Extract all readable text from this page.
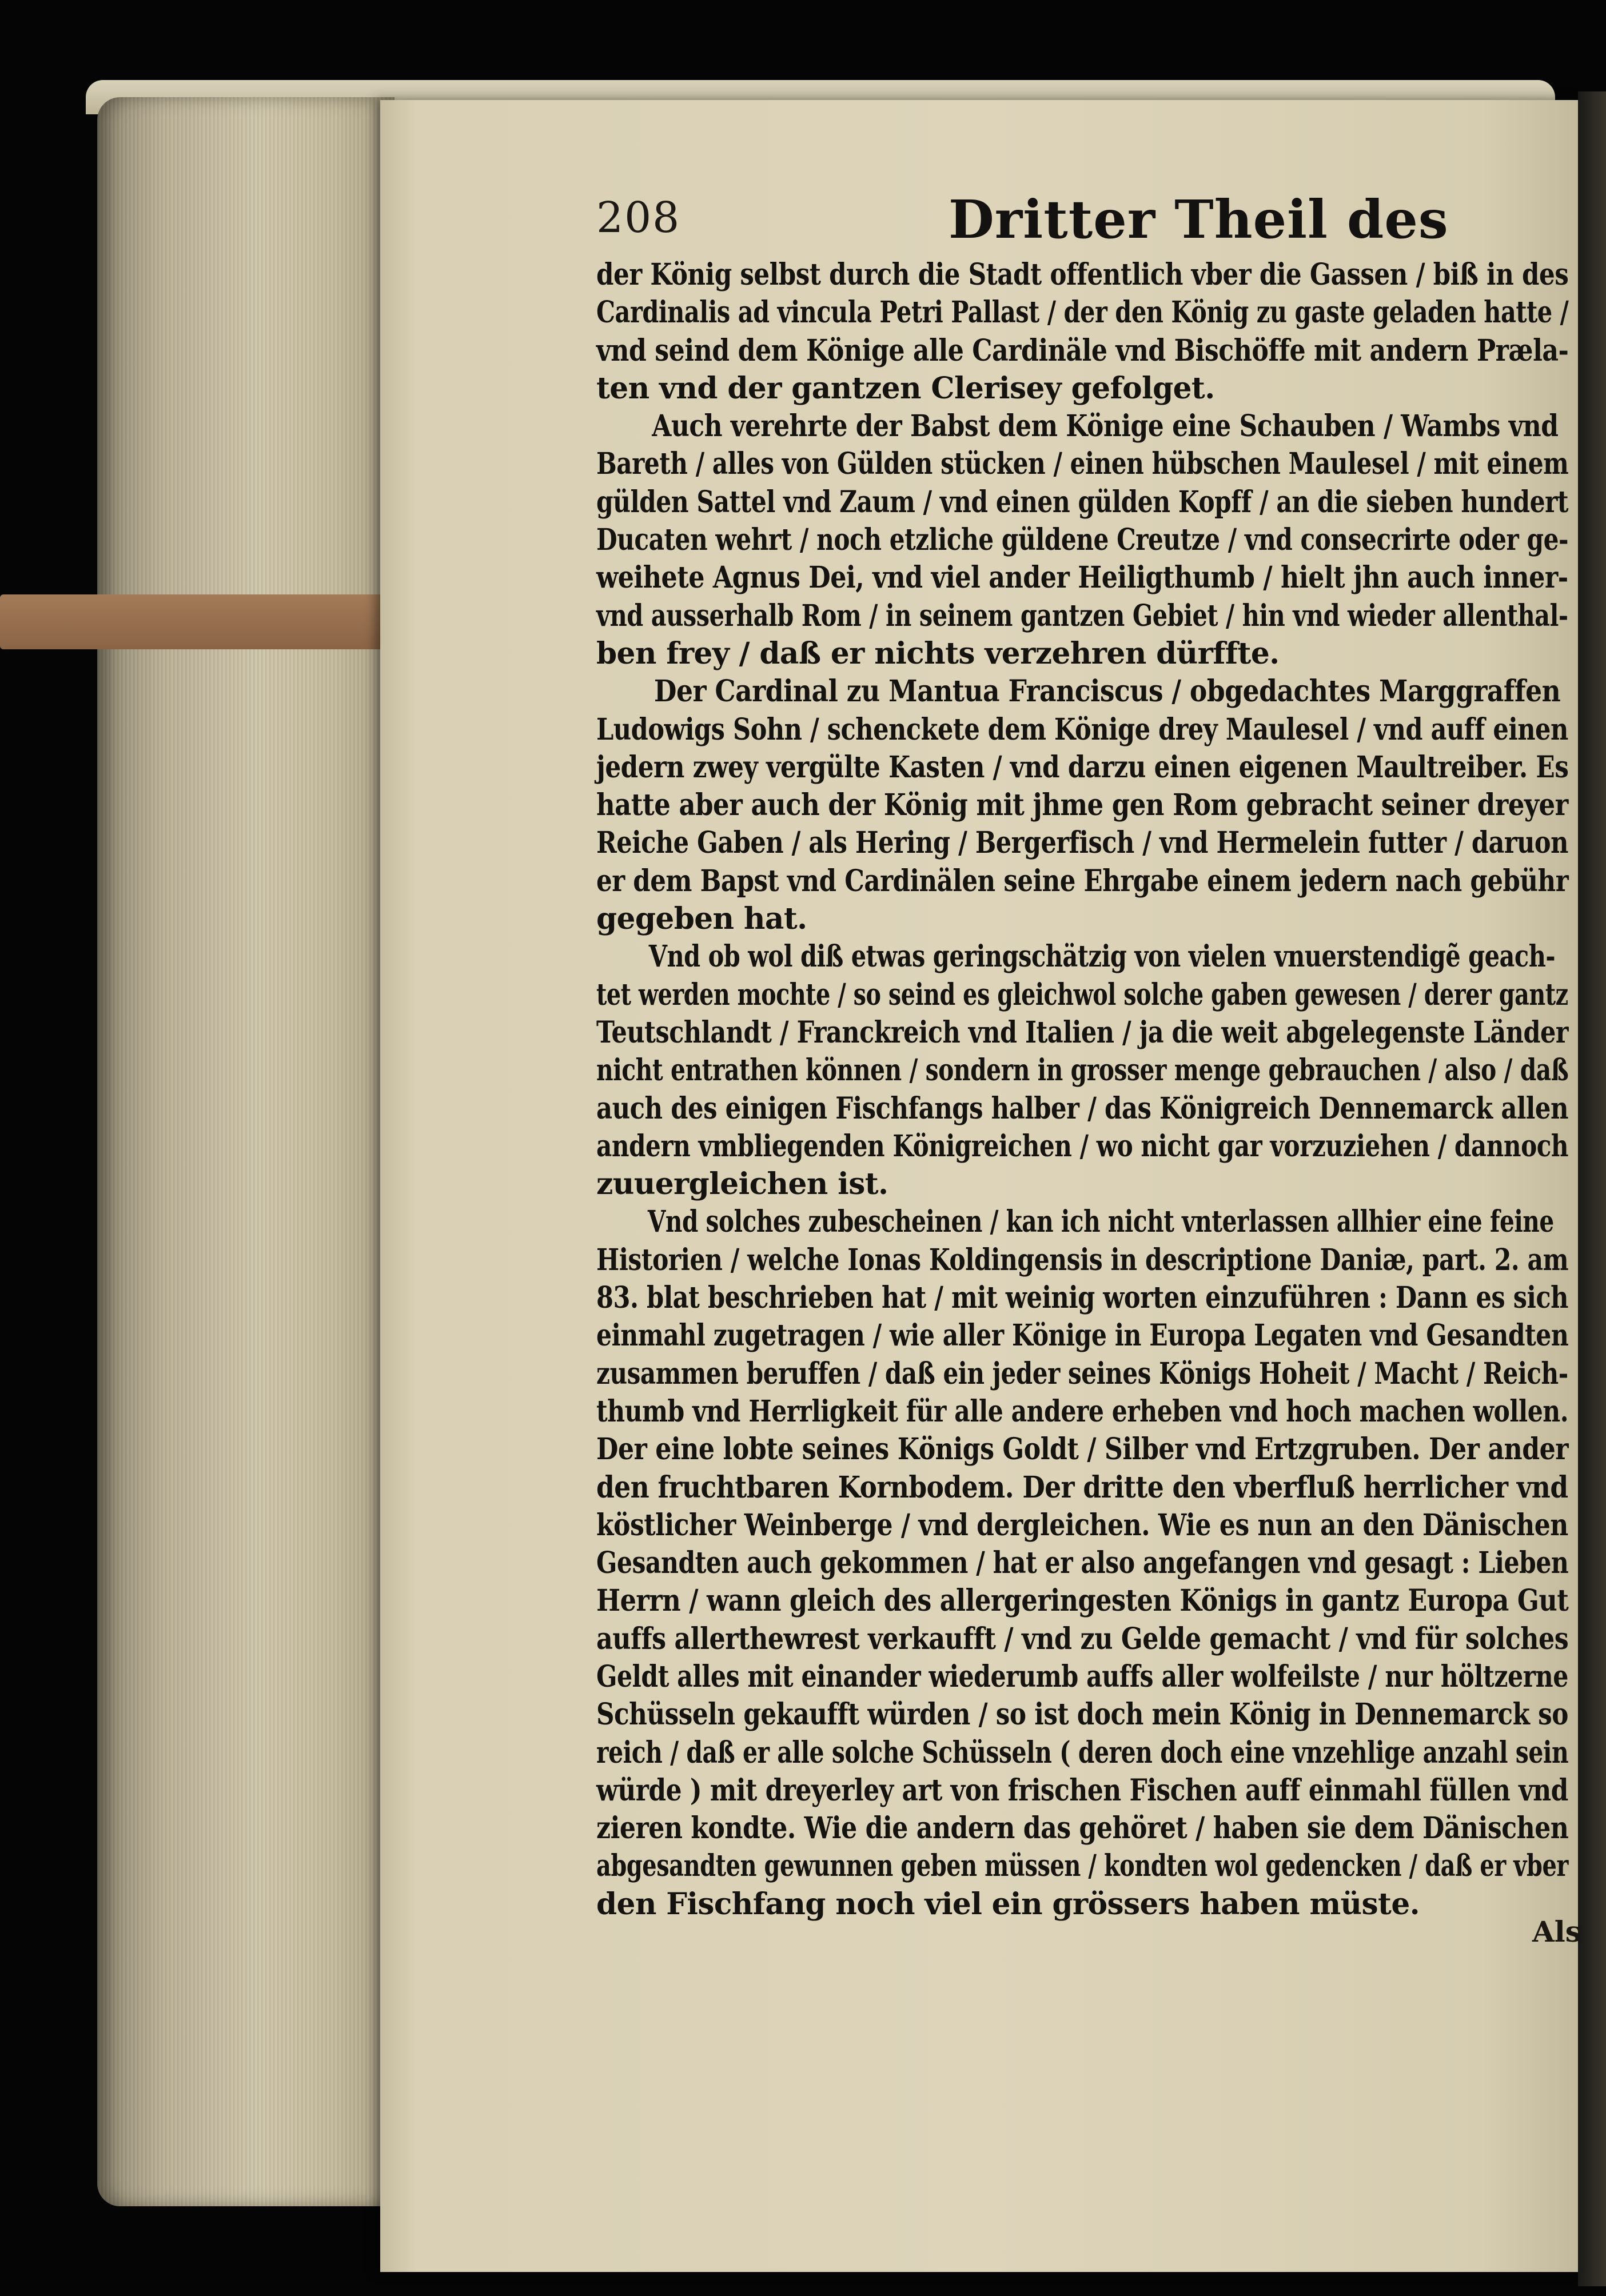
208	Dritter Theil des
der König selbst durch die Stadt offentlich vber die Gassen / biß in des
Cardinalis ad vincula Petri Pallast / der den König zu gaste geladen hatte /
vnd seind dem Könige alle Cardinäle vnd Bischöffe mit andern Præla-
ten vnd der gantzen Clerisey gefolget.
Auch verehrte der Babst dem Könige eine Schauben / Wambs vnd
Bareth / alles von Gülden stücken / einen hübschen Maulesel / mit einem
gülden Sattel vnd Zaum / vnd einen gülden Kopff / an die sieben hundert
Ducaten wehrt / noch etzliche güldene Creutze / vnd consecrirte oder ge-
weihete Agnus Dei, vnd viel ander Heiligthumb / hielt jhn auch inner-
vnd ausserhalb Rom / in seinem gantzen Gebiet / hin vnd wieder allenthal-
ben frey / daß er nichts verzehren dürffte.
Der Cardinal zu Mantua Franciscus / obgedachtes Marggraffen
Ludowigs Sohn / schenckete dem Könige drey Maulesel / vnd auff einen
jedern zwey vergülte Kasten / vnd darzu einen eigenen Maultreiber. Es
hatte aber auch der König mit jhme gen Rom gebracht seiner dreyer
Reiche Gaben / als Hering / Bergerfisch / vnd Hermelein futter / daruon
er dem Bapst vnd Cardinälen seine Ehrgabe einem jedern nach gebühr
gegeben hat.
Vnd ob wol diß etwas geringschätzig von vielen vnuerstendigẽ geach-
tet werden mochte / so seind es gleichwol solche gaben gewesen / derer gantz
Teutschlandt / Franckreich vnd Italien / ja die weit abgelegenste Länder
nicht entrathen können / sondern in grosser menge gebrauchen / also / daß
auch des einigen Fischfangs halber / das Königreich Dennemarck allen
andern vmbliegenden Königreichen / wo nicht gar vorzuziehen / dannoch
zuuergleichen ist.
Vnd solches zubescheinen / kan ich nicht vnterlassen allhier eine feine
Historien / welche Ionas Koldingensis in descriptione Daniæ, part. 2. am
83. blat beschrieben hat / mit weinig worten einzuführen : Dann es sich
einmahl zugetragen / wie aller Könige in Europa Legaten vnd Gesandten
zusammen beruffen / daß ein jeder seines Königs Hoheit / Macht / Reich-
thumb vnd Herrligkeit für alle andere erheben vnd hoch machen wollen.
Der eine lobte seines Königs Goldt / Silber vnd Ertzgruben. Der ander
den fruchtbaren Kornbodem. Der dritte den vberfluß herrlicher vnd
köstlicher Weinberge / vnd dergleichen. Wie es nun an den Dänischen
Gesandten auch gekommen / hat er also angefangen vnd gesagt : Lieben
Herrn / wann gleich des allergeringesten Königs in gantz Europa Gut
auffs allerthewrest verkaufft / vnd zu Gelde gemacht / vnd für solches
Geldt alles mit einander wiederumb auffs aller wolfeilste / nur höltzerne
Schüsseln gekaufft würden / so ist doch mein König in Dennemarck so
reich / daß er alle solche Schüsseln ( deren doch eine vnzehlige anzahl sein
würde ) mit dreyerley art von frischen Fischen auff einmahl füllen vnd
zieren kondte. Wie die andern das gehöret / haben sie dem Dänischen
abgesandten gewunnen geben müssen / kondten wol gedencken / daß er vber
den Fischfang noch viel ein grössers haben müste.
Als
